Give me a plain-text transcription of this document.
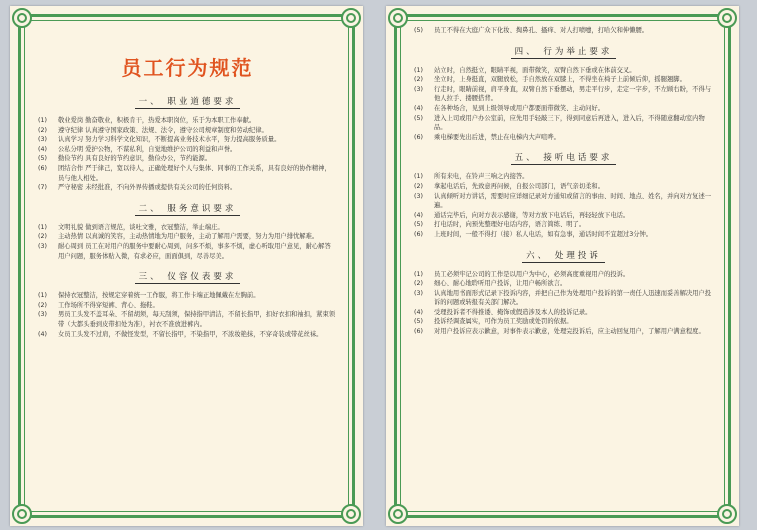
员工行为规范
一、 职业道德要求
(1)	敬业爱岗 勤奋敬业，积极肯干，热爱本职岗位，乐于为本职工作奉献。
(2)	遵守纪律 认真遵守国家政策、法规、法令，遵守公司规章制度和劳动纪律。
(3)	认真学习 努力学习科学文化知识，不断提高业务技术水平，努力提高服务质量。
(4)	公私分明 爱护公物，不谋私利，自觉地维护公司的利益和声誉。
(5)	勤俭节约 具有良好的节约意识，勤俭办公，节约能源。
(6)	团结合作 严于律己，宽以待人，正确处理好个人与集体、同事的工作关系，具有良好的协作精神，员与他人相处。
(7)	严守秘密 未经批准，不向外界传播或提供有关公司的任何资料。
二、 服务意识要求
(1)	文明礼貌 做到语言规范，谈吐文雅，衣冠整洁，举止端庄。
(2)	主动热情 以真诚的笑容，主动热情地为用户服务，主动了解用户需要，努力为用户排忧解难。
(3)	耐心周到 员工在对用户的服务中要耐心周到，问多不烦，事多不烦，虚心听取用户意见，耐心解答用户问题，服务体贴入微，有求必应，面面俱到，尽善尽美。
三、 仪容仪表要求
(1)	保持衣冠整洁，按规定穿着统一工作服，将工作卡端正地佩戴在左胸前。
(2)	工作场所不得穿短裤、背心、拖鞋。
(3)	男员工头发不盖耳朵、不留胡须，每天刮须，保持指甲清洁，不留长指甲，扣好衣扣和袖扣，紧束领带（大都头垂到皮带扣处为准），衬衣不准放进裤内。
(4)	女员工头发不过肩，不做怪发型，不留长指甲，不染指甲，不浓妆艳抹，不穿奇装或带花丝袜。
(5)	员工不得在大庭广众下化妆、掏鼻孔、搔痒、对人打喷嚏，打哈欠和伸懒腰。
四、 行为举止要求
(1)	站立时，自然挺立，眼睛平视，面带微笑，双臂自然下垂或在体前交叉。
(2)	坐立时，上身挺直，双腿放松，手自然放在双膝上，不得坐在椅子上前倾后仰，摇腿翘脚。
(3)	行走时，眼睛前视，肩平身直，双臂自然下垂摆动，男走平行步，走定一字步，不左顾右盼，不得与他人拉手、搂腰搭背。
(4)	在各种场合，见到上级领导或用户都要面带微笑、主动问好。
(5)	进入上司或用户办公室前，应先用手轻敲三下，得到同意后再进入，进入后，不得随意翻动室内物品。
(6)	乘电梯要先出后进，禁止在电梯内大声喧哗。
五、 接听电话要求
(1)	所有来电，在铃声三响之内接答。
(2)	拿起电话后，先致意再问候，自报公司部门，语气亲切柔和。
(3)	认真倾听对方讲话，需要时应详细记录对方通知或留言的事由、时间、地点、姓名，并向对方复述一遍。
(4)	通话完毕后，向对方表示感谢，等对方放下电话后，再轻轻放下电话。
(5)	打电话时，向预先整理好电话内容，语言简练、明了。
(6)	上班时间，一般不得打（接）私人电话，如有急事，通话时间不宜超过3分钟。
六、 处理投诉
(1)	员工必须牢记公司的工作是以用户为中心，必须高度重视用户的投诉。
(2)	细心、耐心地聆听用户投诉，让用户畅所欲言。
(3)	认真地用书面形式记录下投诉内容，并把自己作为处理用户投诉的第一责任人迅速而妥善解决用户投诉的问题或转报有关部门解决。
(4)	受理投诉者不得推诿、掩饰或假造涉及本人的投诉记录。
(5)	投诉经调查属实，可作为员工奖励或处罚的依据。
(6)	对用户投诉应表示歉意，对事件表示歉意，处理完投诉后，应主动回复用户，了解用户满意程度。
